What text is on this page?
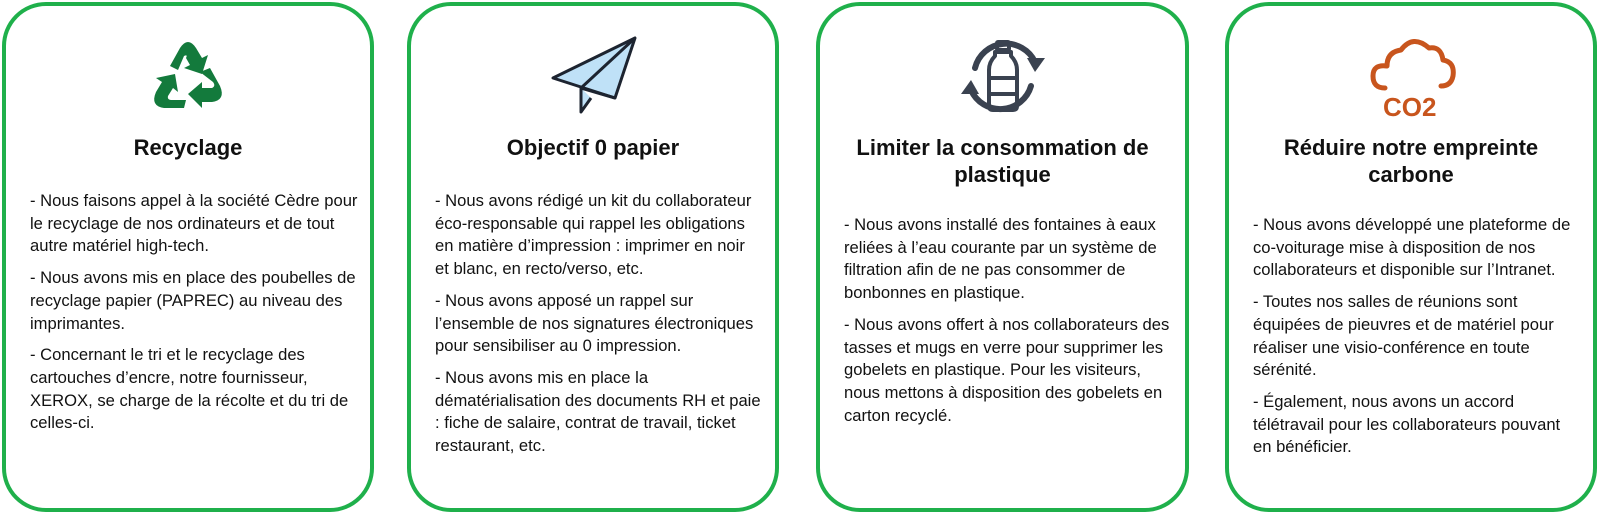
Recyclage

- Nous faisons appel à la société Cèdre pour le recyclage de nos ordinateurs et de tout autre matériel high-tech.

- Nous avons mis en place des poubelles de recyclage papier (PAPREC) au niveau des imprimantes.

- Concernant le tri et le recyclage des cartouches d’encre, notre fournisseur, XEROX, se charge de la récolte et du tri de celles-ci.

Objectif 0 papier

- Nous avons rédigé un kit du collaborateur éco-responsable qui rappel les obligations en matière d’impression : imprimer en noir et blanc, en recto/verso, etc.

- Nous avons apposé un rappel sur l’ensemble de nos signatures électroniques pour sensibiliser au 0 impression.

- Nous avons mis en place la dématérialisation des documents RH et paie : fiche de salaire, contrat de travail, ticket restaurant, etc.

Limiter la consommation de plastique

- Nous avons installé des fontaines à eaux reliées à l’eau courante par un système de filtration afin de ne pas consommer de bonbonnes en plastique.

- Nous avons offert à nos collaborateurs des tasses et mugs en verre pour supprimer les gobelets en plastique. Pour les visiteurs, nous mettons à disposition des gobelets en carton recyclé.

CO2
Réduire notre empreinte carbone

- Nous avons développé une plateforme de co-voiturage mise à disposition de nos collaborateurs et disponible sur l’Intranet.

- Toutes nos salles de réunions sont équipées de pieuvres et de matériel pour réaliser une visio-conférence en toute sérénité.

- Également, nous avons un accord télétravail pour les collaborateurs pouvant en bénéficier.
